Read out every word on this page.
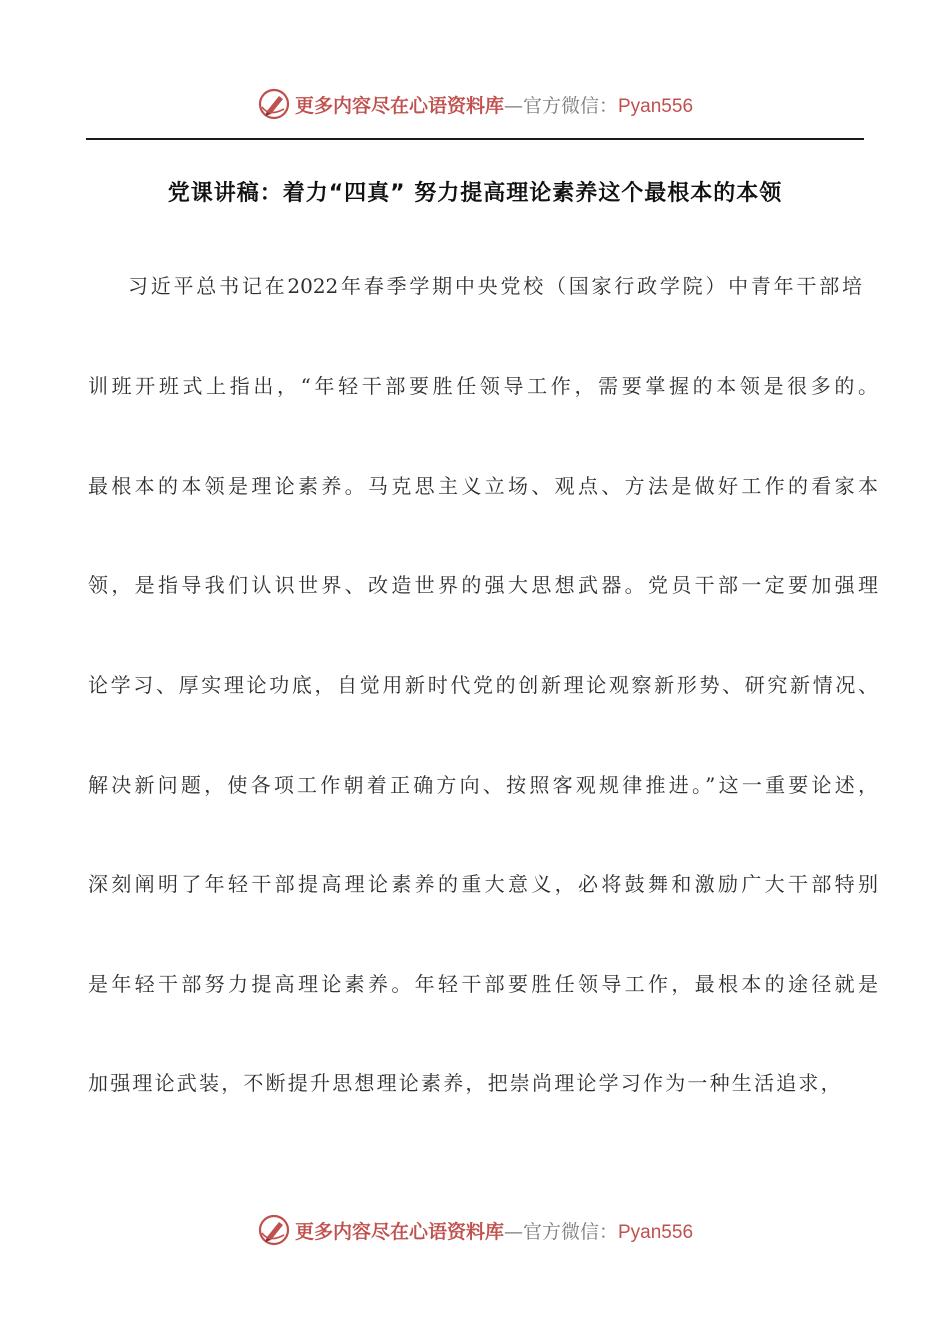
更多内容尽在心语资料库 —官方微信： Pyan556
党课讲稿：着力“四真” 努力提高理论素养这个最根本的本领
习近平总书记在2022年春季学期中央党校（国家行政学院）中青年干部培
训班开班式上指出，“年轻干部要胜任领导工作，需要掌握的本领是很多的。
最根本的本领是理论素养。马克思主义立场、观点、方法是做好工作的看家本
领，是指导我们认识世界、改造世界的强大思想武器。党员干部一定要加强理
论学习、厚实理论功底，自觉用新时代党的创新理论观察新形势、研究新情况、
解决新问题，使各项工作朝着正确方向、按照客观规律推进。”这一重要论述，
深刻阐明了年轻干部提高理论素养的重大意义，必将鼓舞和激励广大干部特别
是年轻干部努力提高理论素养。年轻干部要胜任领导工作，最根本的途径就是
加强理论武装，不断提升思想理论素养，把崇尚理论学习作为一种生活追求，
更多内容尽在心语资料库 —官方微信： Pyan556
